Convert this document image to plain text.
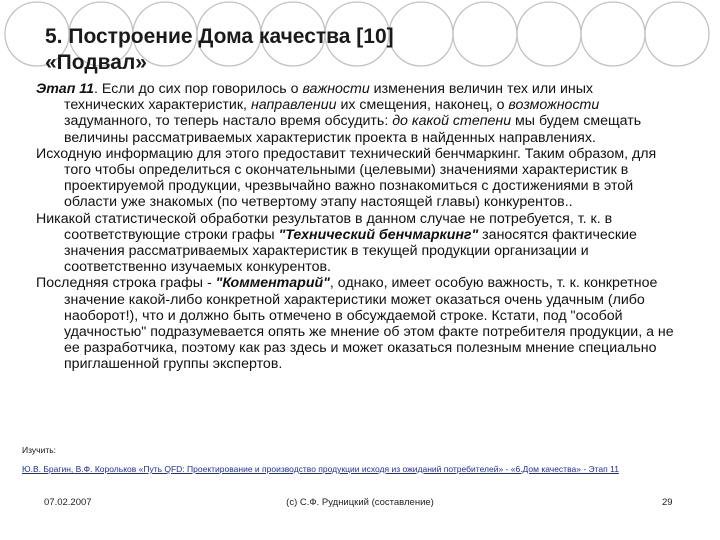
5. Построение Дома качества [10]
«Подвал»

Этап 11. Если до сих пор говорилось о важности изменения величин тех или иных технических характеристик, направлении их смещения, наконец, о возможности задуманного, то теперь настало время обсудить: до какой степени мы будем смещать величины рассматриваемых характеристик проекта в найденных направлениях.

Исходную информацию для этого предоставит технический бенчмаркинг. Таким образом, для того чтобы определиться с окончательными (целевыми) значениями характеристик в проектируемой продукции, чрезвычайно важно познакомиться с достижениями в этой области уже знакомых (по четвертому этапу настоящей главы) конкурентов..

Никакой статистической обработки результатов в данном случае не потребуется, т. к. в соответствующие строки графы "Технический бенчмаркинг" заносятся фактические значения рассматриваемых характеристик в текущей продукции организации и соответственно изучаемых конкурентов.

Последняя строка графы - "Комментарий", однако, имеет особую важность, т. к. конкретное значение какой-либо конкретной характеристики может оказаться очень удачным (либо наоборот!), что и должно быть отмечено в обсуждаемой строке. Кстати, под "особой удачностью" подразумевается опять же мнение об этом факте потребителя продукции, а не ее разработчика, поэтому как раз здесь и может оказаться полезным мнение специально приглашенной группы экспертов.

Изучить:
Ю.В. Брагин, В.Ф. Корольков «Путь QFD: Проектирование и производство продукции исходя из ожиданий потребителей» - «6.Дом качества» - Этап 11
07.02.2007	(c) С.Ф. Рудницкий (составление)	29
